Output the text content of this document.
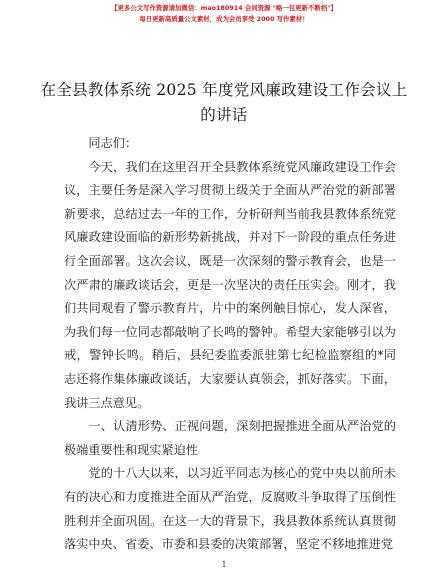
【更多公文写作资源请加微信：mao180914 会同资源 "略一包更新不断档"】
每日更新高质量公文素材，成为会员享受 2000 写作素材！
在全县教体系统 2025 年度党风廉政建设工作会议上的讲话

同志们：

今天，我们在这里召开全县教体系统党风廉政建设工作会议，主要任务是深入学习贯彻上级关于全面从严治党的新部署新要求，总结过去一年的工作，分析研判当前我县教体系统党风廉政建设面临的新形势新挑战，并对下一阶段的重点任务进行全面部署。这次会议，既是一次深刻的警示教育会，也是一次严肃的廉政谈话会，更是一次坚决的责任压实会。刚才，我们共同观看了警示教育片，片中的案例触目惊心，发人深省，为我们每一位同志都敲响了长鸣的警钟。希望大家能够引以为戒，警钟长鸣。稍后，县纪委监委派驻第七纪检监察组的*同志还将作集体廉政谈话，大家要认真领会，抓好落实。下面，我讲三点意见。

一、认清形势、正视问题，深刻把握推进全面从严治党的极端重要性和现实紧迫性

党的十八大以来，以习近平同志为核心的党中央以前所未有的决心和力度推进全面从严治党，反腐败斗争取得了压倒性胜利并全面巩固。在这一大的背景下，我县教体系统认真贯彻落实中央、省委、市委和县委的决策部署，坚定不移地推进党

1
